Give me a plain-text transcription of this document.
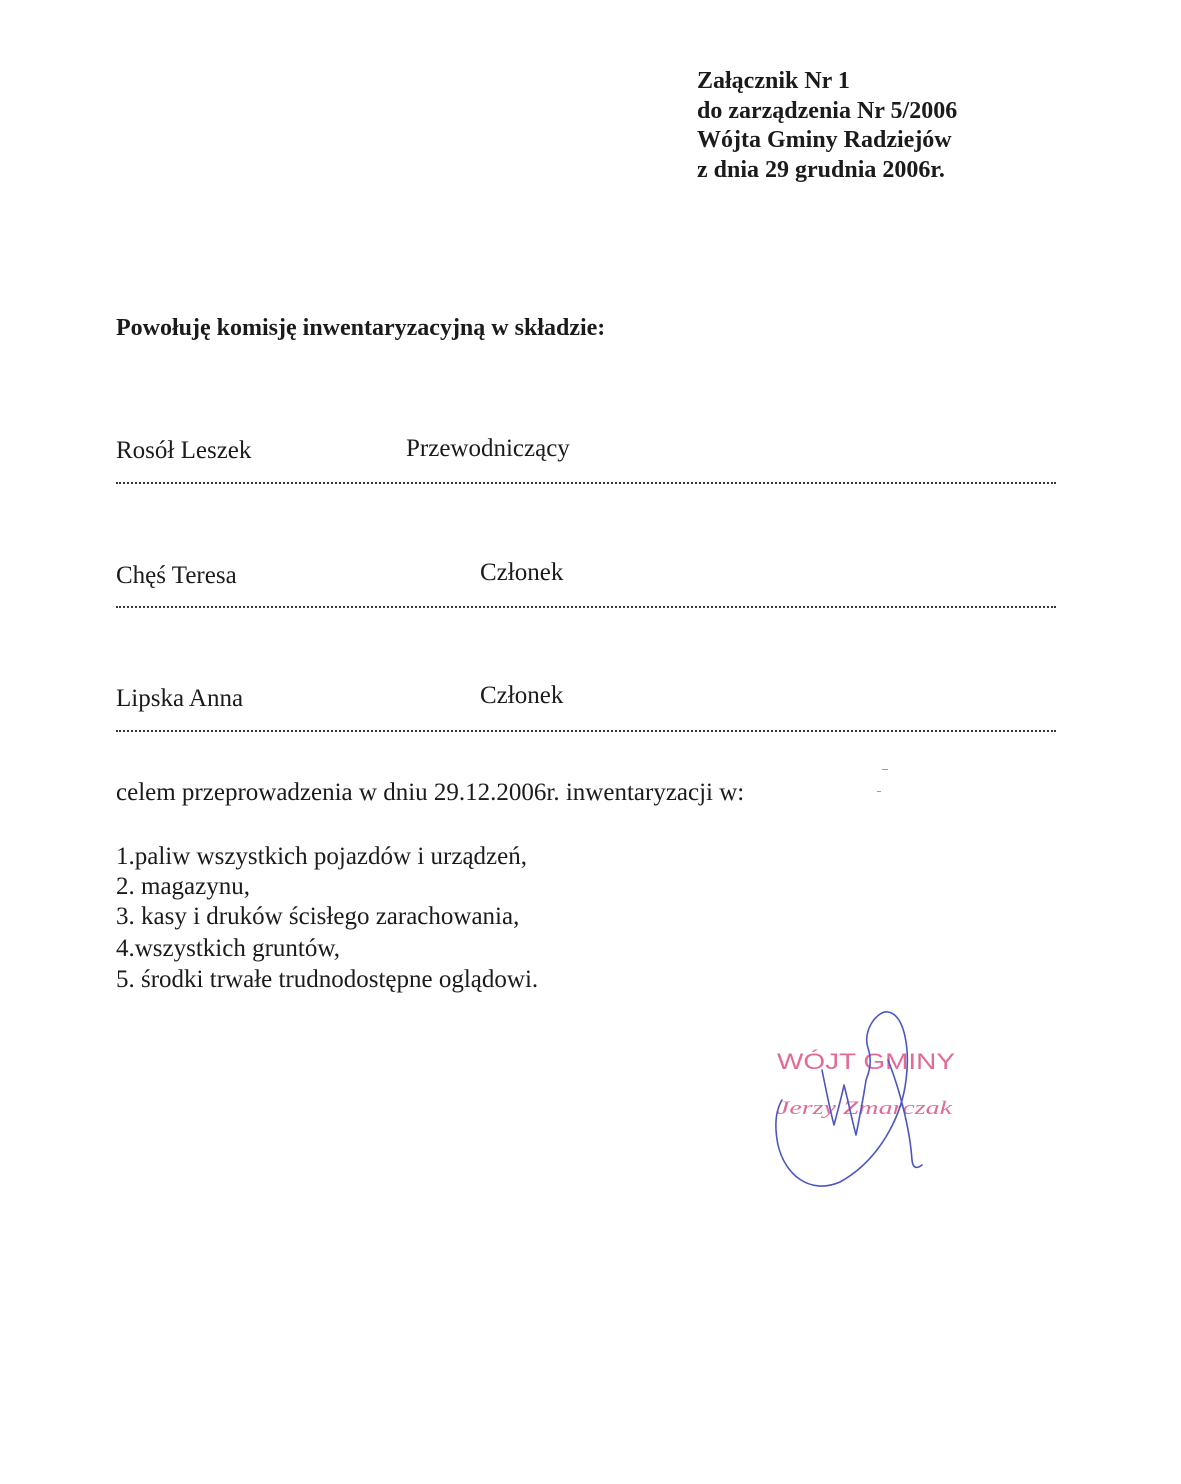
Załącznik Nr 1
do zarządzenia Nr 5/2006
Wójta Gminy Radziejów
z dnia 29 grudnia 2006r.
Powołuję komisję inwentaryzacyjną w składzie:
Rosół Leszek	Przewodniczący
Chęś Teresa	Członek
Lipska Anna	Członek
celem przeprowadzenia w dniu 29.12.2006r. inwentaryzacji w:
1.paliw wszystkich pojazdów i urządzeń,
2. magazynu,
3. kasy i druków ścisłego zarachowania,
4.wszystkich gruntów,
5. środki trwałe trudnodostępne oglądowi.
WÓJT GMINY
Jerzy Zmarczak
